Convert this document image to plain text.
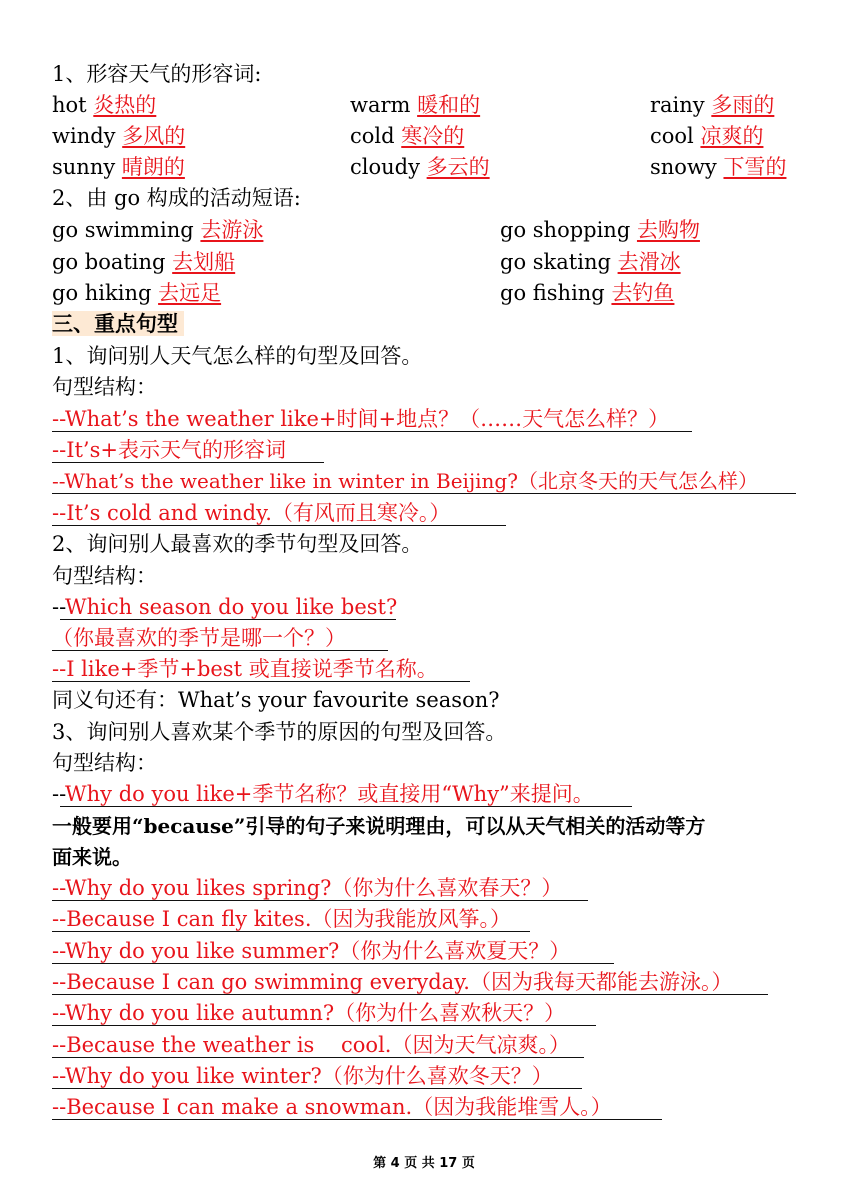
1、形容天气的形容词:
hot 炎热的	warm 暖和的	rainy 多雨的
windy 多风的	cold 寒冷的	cool 凉爽的
sunny 晴朗的	cloudy 多云的	snowy 下雪的
2、由 go 构成的活动短语:
go swimming 去游泳	go shopping 去购物
go boating 去划船	go skating 去滑冰
go hiking 去远足	go fishing 去钓鱼
三、重点句型
1、询问别人天气怎么样的句型及回答。
句型结构：
--What’s the weather like+时间+地点？（……天气怎么样？）
--It’s+表示天气的形容词
--What’s the weather like in winter in Beijing?（北京冬天的天气怎么样）
--It’s cold and windy.（有风而且寒冷。）
2、询问别人最喜欢的季节句型及回答。
句型结构：
--Which season do you like best?
（你最喜欢的季节是哪一个？）
--I like+季节+best 或直接说季节名称。
同义句还有：What’s your favourite season?
3、询问别人喜欢某个季节的原因的句型及回答。
句型结构：
--Why do you like+季节名称？或直接用“Why”来提问。
一般要用“because”引导的句子来说明理由，可以从天气相关的活动等方
面来说。
--Why do you likes spring?（你为什么喜欢春天？）
--Because I can fly kites.（因为我能放风筝。）
--Why do you like summer?（你为什么喜欢夏天？）
--Because I can go swimming everyday.（因为我每天都能去游泳。）
--Why do you like autumn?（你为什么喜欢秋天？）
--Because the weather is    cool.（因为天气凉爽。）
--Why do you like winter?（你为什么喜欢冬天？）
--Because I can make a snowman.（因为我能堆雪人。）
第 4 页 共 17 页
